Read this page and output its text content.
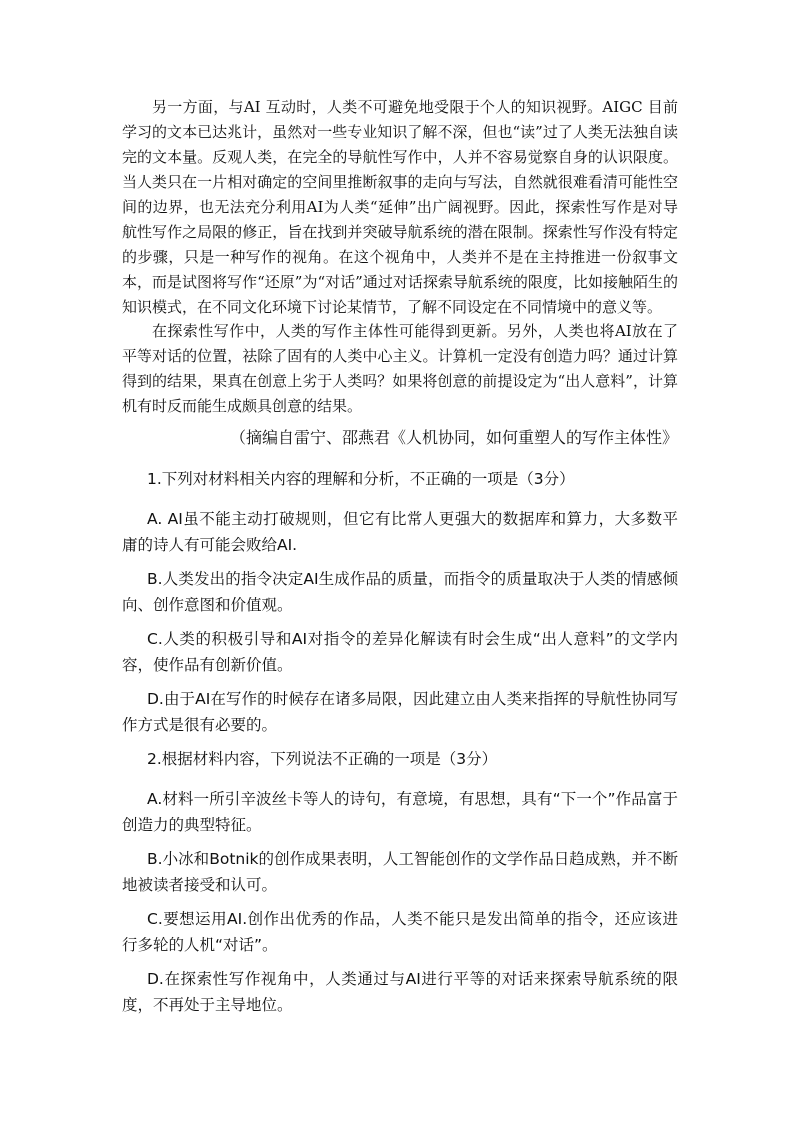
另一方面，与AI 互动时，人类不可避免地受限于个人的知识视野。AIGC 目前学习的文本已达兆计，虽然对一些专业知识了解不深，但也“读”过了人类无法独自读完的文本量。反观人类，在完全的导航性写作中，人并不容易觉察自身的认识限度。当人类只在一片相对确定的空间里推断叙事的走向与写法，自然就很难看清可能性空间的边界，也无法充分利用AI为人类“延伸”出广阔视野。因此，探索性写作是对导航性写作之局限的修正，旨在找到并突破导航系统的潜在限制。探索性写作没有特定的步骤，只是一种写作的视角。在这个视角中，人类并不是在主持推进一份叙事文本，而是试图将写作“还原”为“对话”通过对话探索导航系统的限度，比如接触陌生的知识模式，在不同文化环境下讨论某情节，了解不同设定在不同情境中的意义等。

在探索性写作中，人类的写作主体性可能得到更新。另外，人类也将AI放在了平等对话的位置，祛除了固有的人类中心主义。计算机一定没有创造力吗？通过计算得到的结果，果真在创意上劣于人类吗？如果将创意的前提设定为“出人意料”，计算机有时反而能生成颇具创意的结果。

（摘编自雷宁、邵燕君《人机协同，如何重塑人的写作主体性》

1.下列对材料相关内容的理解和分析，不正确的一项是（3分）

A. AI虽不能主动打破规则，但它有比常人更强大的数据库和算力，大多数平庸的诗人有可能会败给AI.

B.人类发出的指令决定AI生成作品的质量，而指令的质量取决于人类的情感倾向、创作意图和价值观。

C.人类的积极引导和AI对指令的差异化解读有时会生成“出人意料”的文学内容，使作品有创新价值。

D.由于AI在写作的时候存在诸多局限，因此建立由人类来指挥的导航性协同写作方式是很有必要的。

2.根据材料内容，下列说法不正确的一项是（3分）

A.材料一所引辛波丝卡等人的诗句，有意境，有思想，具有“下一个”作品富于创造力的典型特征。

B.小冰和Botnik的创作成果表明，人工智能创作的文学作品日趋成熟，并不断地被读者接受和认可。

C.要想运用AI.创作出优秀的作品，人类不能只是发出简单的指令，还应该进行多轮的人机“对话”。

D.在探索性写作视角中，人类通过与AI进行平等的对话来探索导航系统的限度，不再处于主导地位。
